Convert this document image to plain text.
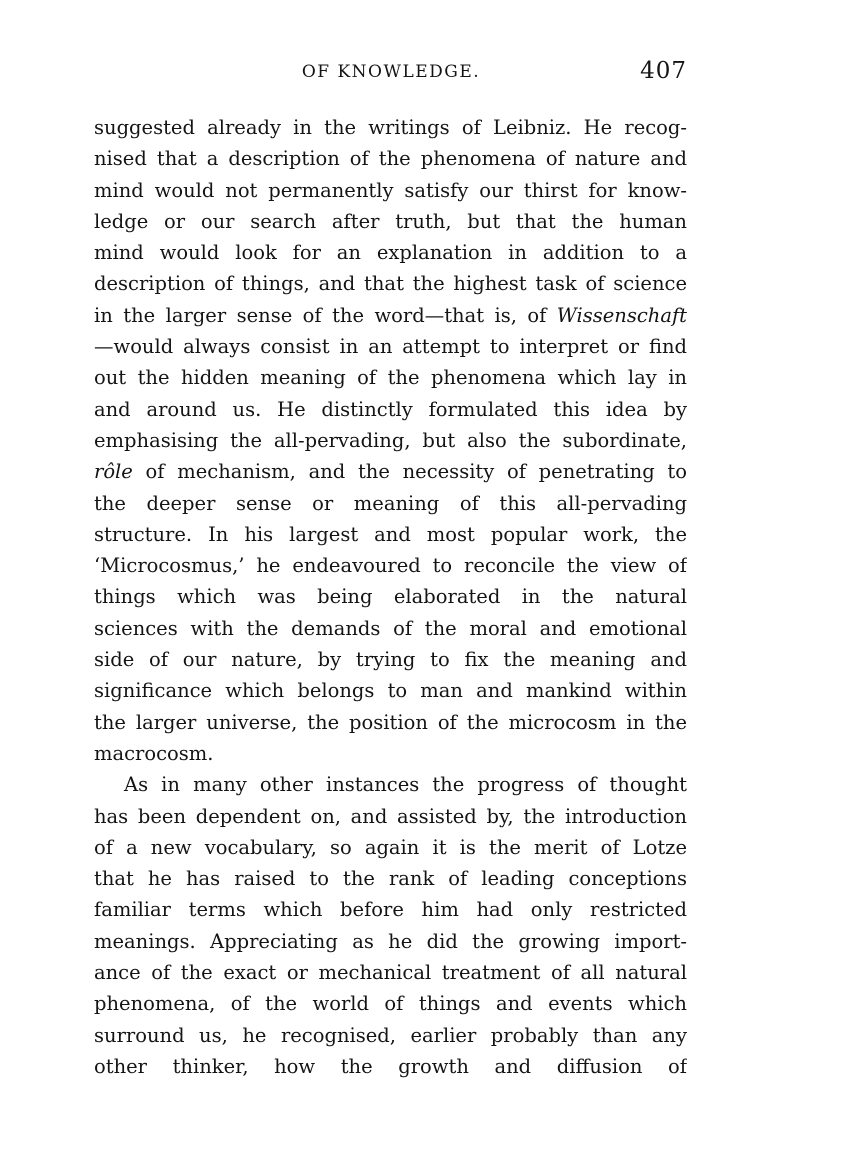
OF KNOWLEDGE.	407
suggested already in the writings of Leibniz. He recog-
nised that a description of the phenomena of nature and
mind would not permanently satisfy our thirst for know-
ledge or our search after truth, but that the human
mind would look for an explanation in addition to a
description of things, and that the highest task of science
in the larger sense of the word—that is, of Wissenschaft
—would always consist in an attempt to interpret or find
out the hidden meaning of the phenomena which lay in
and around us. He distinctly formulated this idea by
emphasising the all-pervading, but also the subordinate,
rôle of mechanism, and the necessity of penetrating to
the deeper sense or meaning of this all-pervading
structure. In his largest and most popular work, the
‘Microcosmus,’ he endeavoured to reconcile the view of
things which was being elaborated in the natural
sciences with the demands of the moral and emotional
side of our nature, by trying to fix the meaning and
significance which belongs to man and mankind within
the larger universe, the position of the microcosm in the
macrocosm.
As in many other instances the progress of thought
has been dependent on, and assisted by, the introduction
of a new vocabulary, so again it is the merit of Lotze
that he has raised to the rank of leading conceptions
familiar terms which before him had only restricted
meanings. Appreciating as he did the growing import-
ance of the exact or mechanical treatment of all natural
phenomena, of the world of things and events which
surround us, he recognised, earlier probably than any
other thinker, how the growth and diffusion of
